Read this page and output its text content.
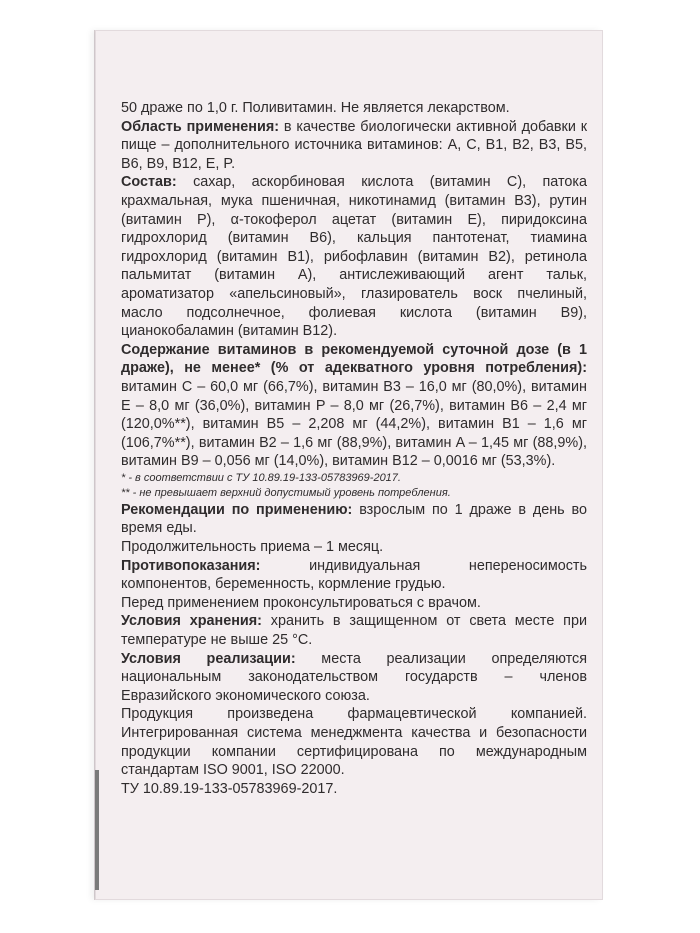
50 драже по 1,0 г. Поливитамин. Не является лекарством.

Область применения: в качестве биологически активной добавки к пище – дополнительного источника витаминов: A, C, B1, B2, B3, B5, B6, B9, B12, E, P.

Состав: сахар, аскорбиновая кислота (витамин C), патока крахмальная, мука пшеничная, никотинамид (витамин B3), рутин (витамин P), α-токоферол ацетат (витамин E), пиридоксина гидрохлорид (витамин B6), кальция пантотенат, тиамина гидрохлорид (витамин B1), рибофлавин (витамин B2), ретинола пальмитат (витамин A), антислеживающий агент тальк, ароматизатор «апельсиновый», глазирователь воск пчелиный, масло подсолнечное, фолиевая кислота (витамин B9), цианокобаламин (витамин B12).

Содержание витаминов в рекомендуемой суточной дозе (в 1 драже), не менее* (% от адекватного уровня потребления): витамин C – 60,0 мг (66,7%), витамин B3 – 16,0 мг (80,0%), витамин E – 8,0 мг (36,0%), витамин P – 8,0 мг (26,7%), витамин B6 – 2,4 мг (120,0%**), витамин B5 – 2,208 мг (44,2%), витамин B1 – 1,6 мг (106,7%**), витамин B2 – 1,6 мг (88,9%), витамин A – 1,45 мг (88,9%), витамин B9 – 0,056 мг (14,0%), витамин B12 – 0,0016 мг (53,3%).

* - в соответствии с ТУ 10.89.19-133-05783969-2017.

** - не превышает верхний допустимый уровень потребления.

Рекомендации по применению: взрослым по 1 драже в день во время еды.

Продолжительность приема – 1 месяц.

Противопоказания:	индивидуальная непереносимость компонентов, беременность, кормление грудью.

Перед применением проконсультироваться с врачом.

Условия хранения: хранить в защищенном от света месте при температуре не выше 25 °C.

Условия реализации: места реализации определяются национальным законодательством государств – членов Евразийского экономического союза.

Продукция произведена фармацевтической компанией. Интегрированная система менеджмента качества и безопасности продукции компании сертифицирована по международным стандартам ISO 9001, ISO 22000.

ТУ 10.89.19-133-05783969-2017.
